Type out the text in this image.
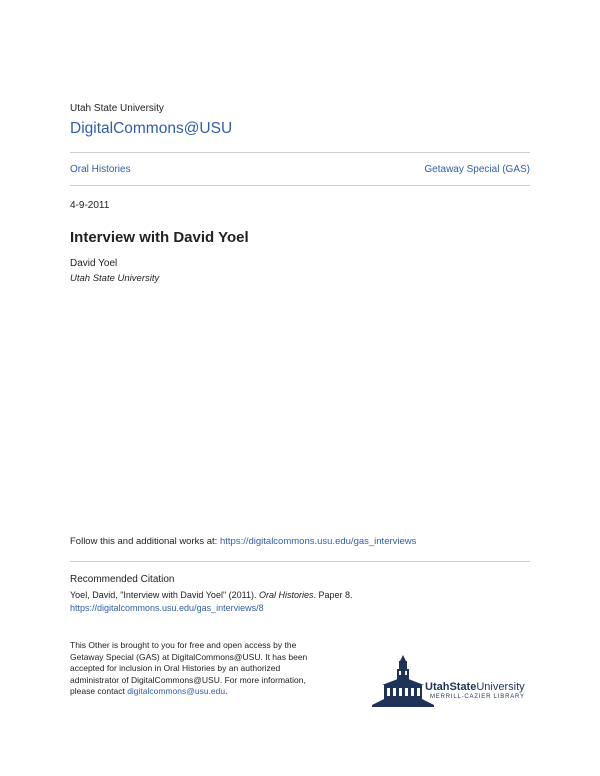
Utah State University
DigitalCommons@USU
Oral Histories	Getaway Special (GAS)
4-9-2011
Interview with David Yoel
David Yoel
Utah State University
Follow this and additional works at: https://digitalcommons.usu.edu/gas_interviews
Recommended Citation
Yoel, David, "Interview with David Yoel" (2011). Oral Histories. Paper 8.
https://digitalcommons.usu.edu/gas_interviews/8
This Other is brought to you for free and open access by the Getaway Special (GAS) at DigitalCommons@USU. It has been accepted for inclusion in Oral Histories by an authorized administrator of DigitalCommons@USU. For more information, please contact digitalcommons@usu.edu.	UtahStateUniversity
MERRILL-CAZIER LIBRARY
